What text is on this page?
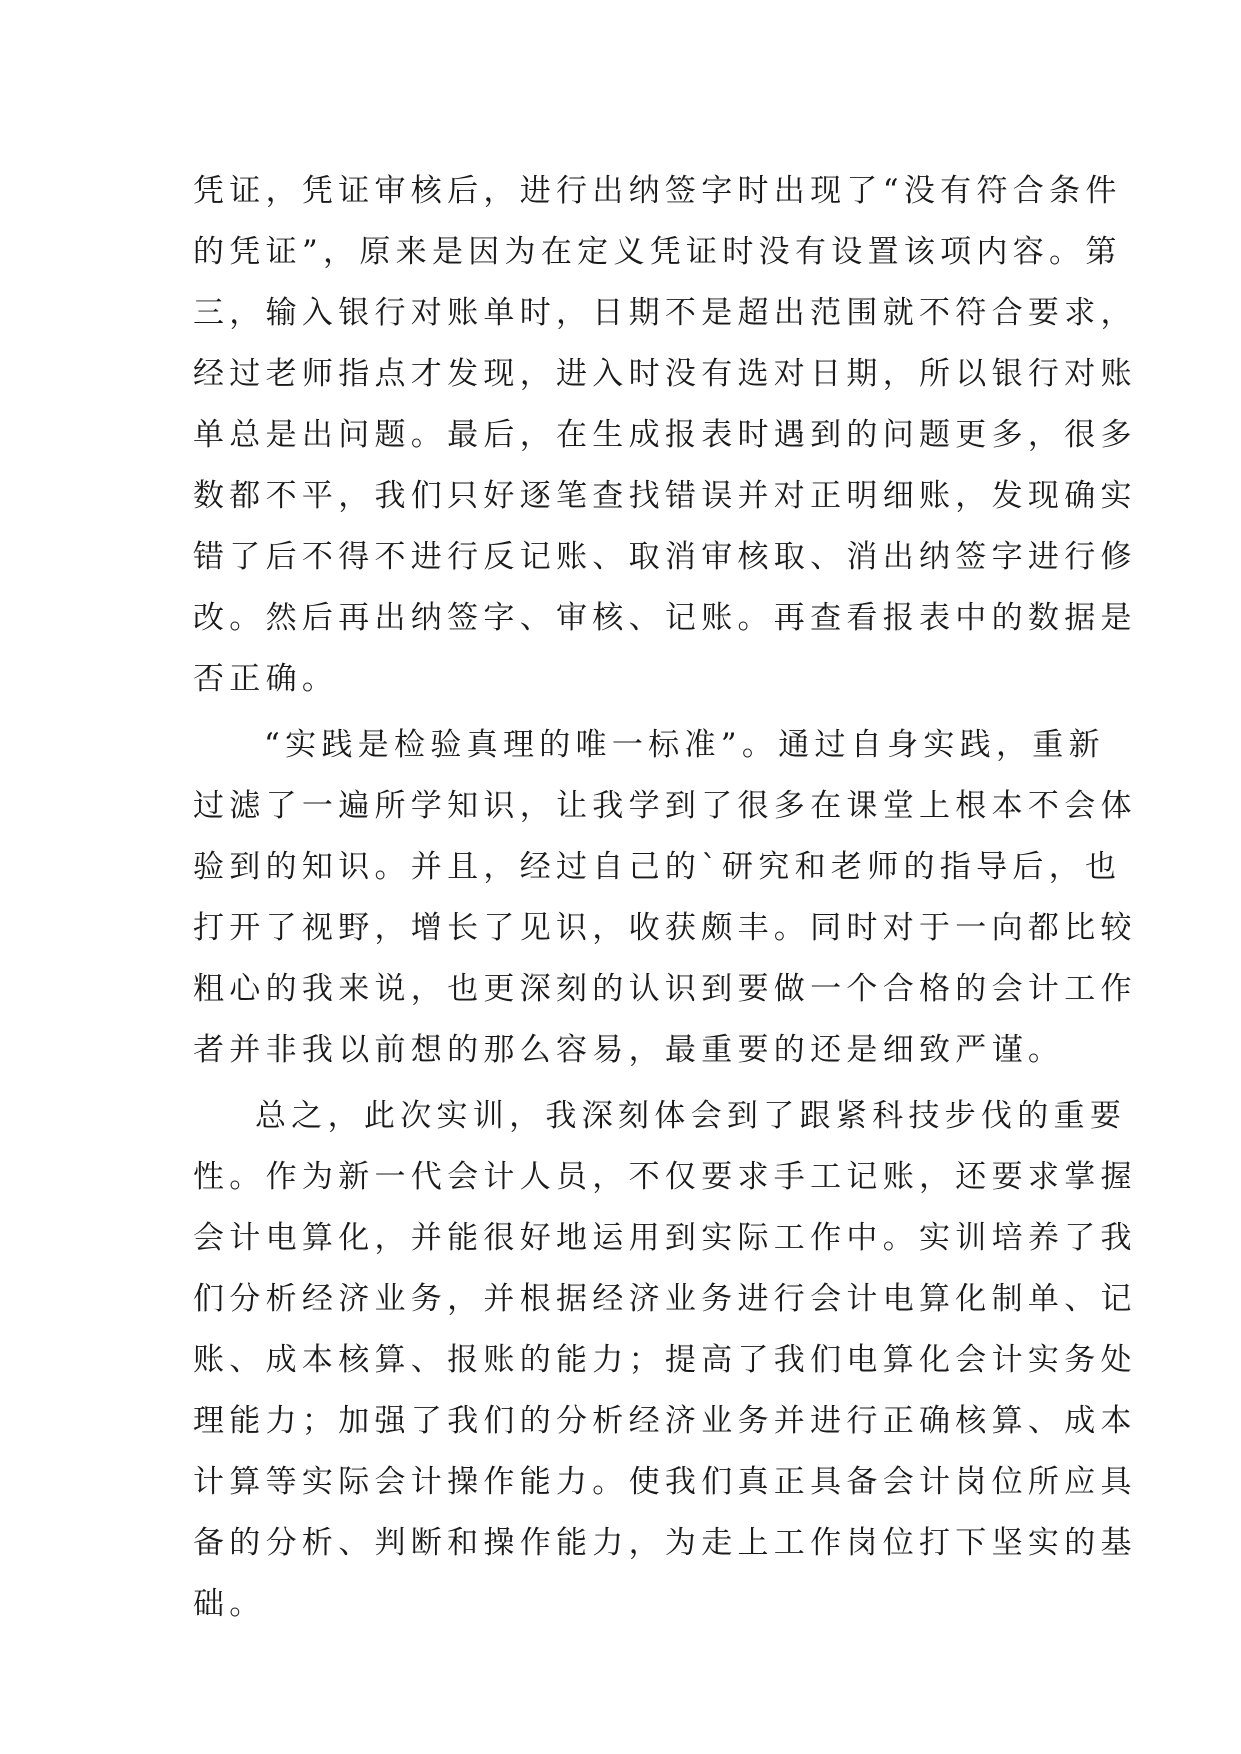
凭证，凭证审核后，进行出纳签字时出现了“没有符合条件
的凭证”，原来是因为在定义凭证时没有设置该项内容。第
三，输入银行对账单时，日期不是超出范围就不符合要求，
经过老师指点才发现，进入时没有选对日期，所以银行对账
单总是出问题。最后，在生成报表时遇到的问题更多，很多
数都不平，我们只好逐笔查找错误并对正明细账，发现确实
错了后不得不进行反记账、取消审核取、消出纳签字进行修
改。然后再出纳签字、审核、记账。再查看报表中的数据是
否正确。
“实践是检验真理的唯一标准”。通过自身实践，重新
过滤了一遍所学知识，让我学到了很多在课堂上根本不会体
验到的知识。并且，经过自己的`研究和老师的指导后，也
打开了视野，增长了见识，收获颇丰。同时对于一向都比较
粗心的我来说，也更深刻的认识到要做一个合格的会计工作
者并非我以前想的那么容易，最重要的还是细致严谨。
总之，此次实训，我深刻体会到了跟紧科技步伐的重要
性。作为新一代会计人员，不仅要求手工记账，还要求掌握
会计电算化，并能很好地运用到实际工作中。实训培养了我
们分析经济业务，并根据经济业务进行会计电算化制单、记
账、成本核算、报账的能力；提高了我们电算化会计实务处
理能力；加强了我们的分析经济业务并进行正确核算、成本
计算等实际会计操作能力。使我们真正具备会计岗位所应具
备的分析、判断和操作能力，为走上工作岗位打下坚实的基
础。
